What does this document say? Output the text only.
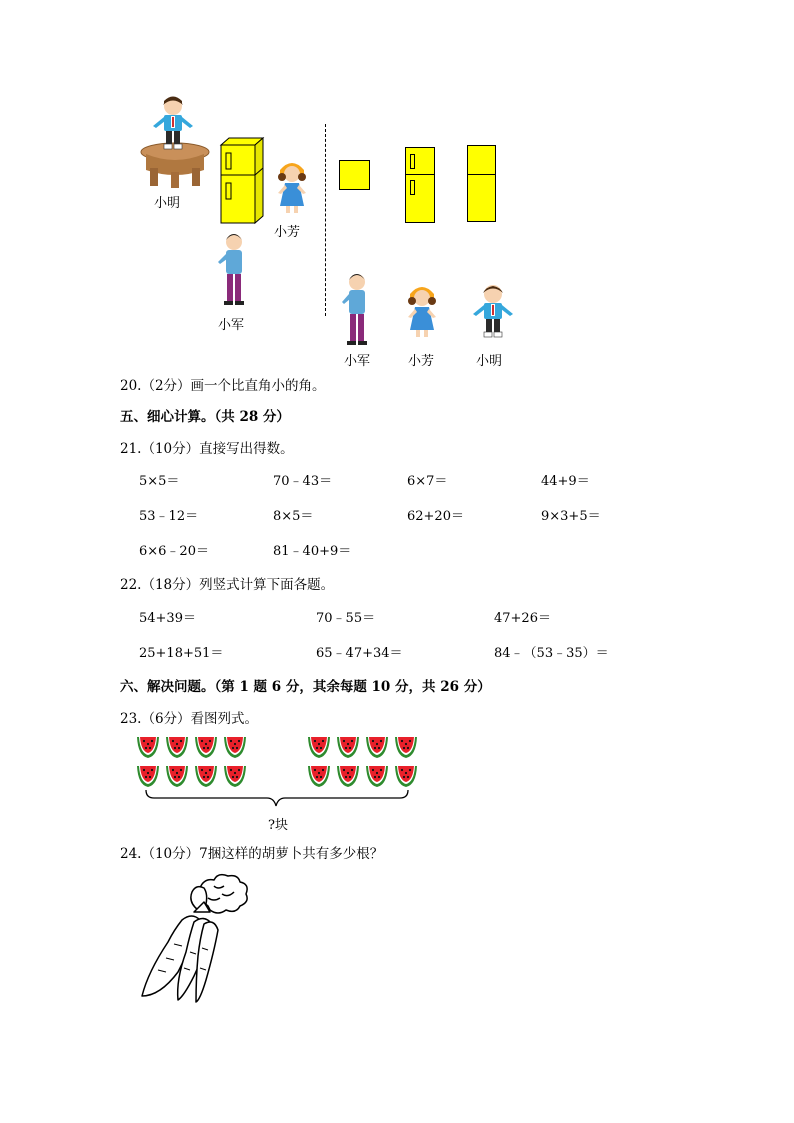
小明
小芳
小军
小军	小芳	小明
20.（2分）画一个比直角小的角。
五、细心计算。（共 28 分）
21.（10分）直接写出得数。
5×5＝	70﹣43＝	6×7＝	44+9＝
53﹣12＝	8×5＝	62+20＝	9×3+5＝
6×6﹣20＝	81﹣40+9＝
22.（18分）列竖式计算下面各题。
54+39＝	70﹣55＝	47+26＝
25+18+51＝	65﹣47+34＝	84﹣（53﹣35）＝
六、解决问题。（第 1 题 6 分，其余每题 10 分，共 26 分）
23.（6分）看图列式。
?块
24.（10分）7捆这样的胡萝卜共有多少根？
